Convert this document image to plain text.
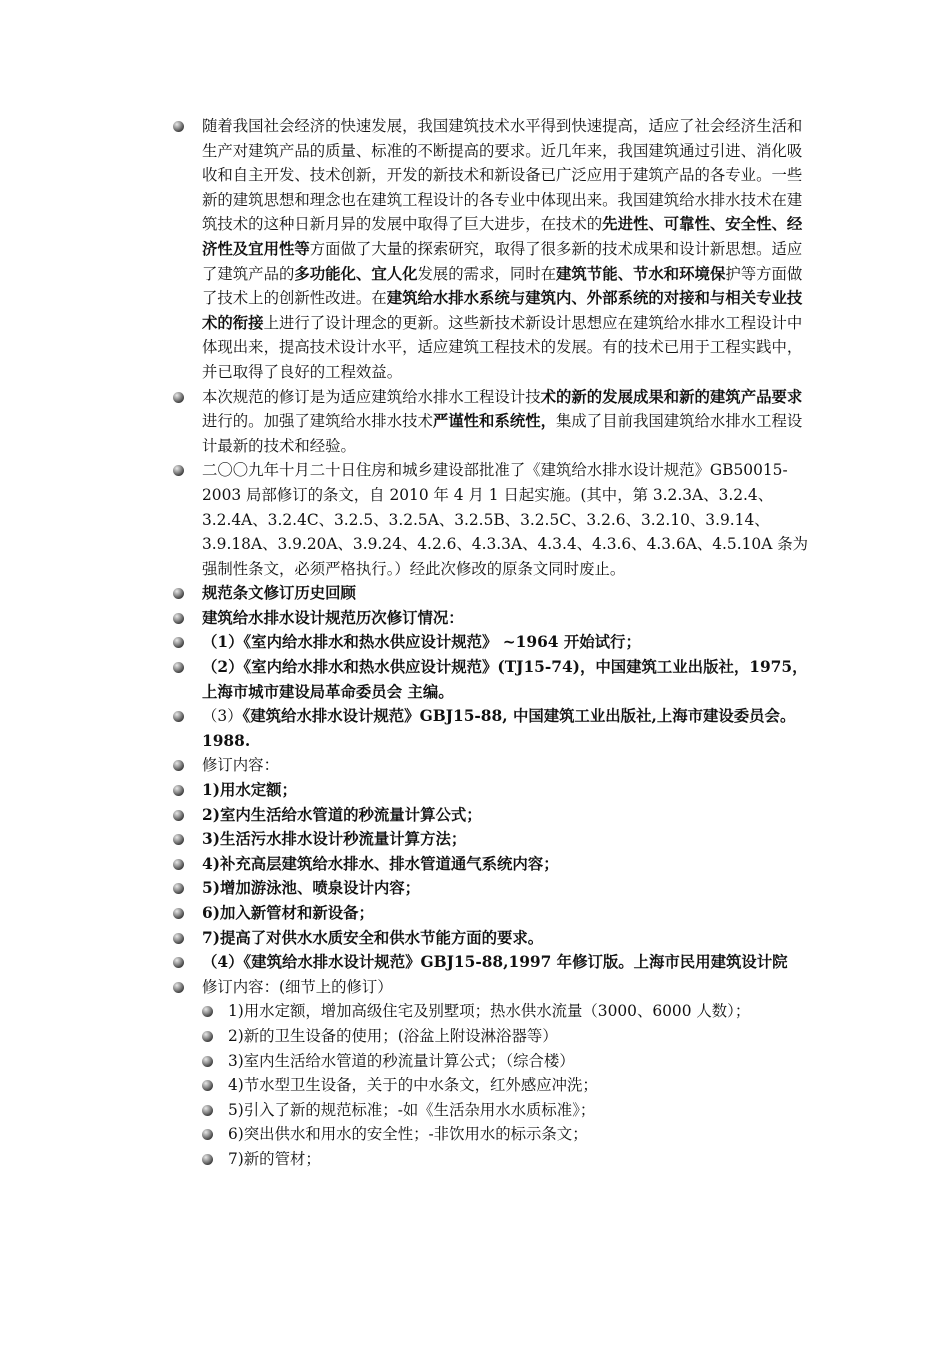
随着我国社会经济的快速发展，我国建筑技术水平得到快速提高，适应了社会经济生活和生产对建筑产品的质量、标准的不断提高的要求。近几年来，我国建筑通过引进、消化吸收和自主开发、技术创新，开发的新技术和新设备已广泛应用于建筑产品的各专业。一些新的建筑思想和理念也在建筑工程设计的各专业中体现出来。我国建筑给水排水技术在建筑技术的这种日新月异的发展中取得了巨大进步，在技术的先进性、可靠性、安全性、经济性及宜用性等方面做了大量的探索研究，取得了很多新的技术成果和设计新思想。适应了建筑产品的多功能化、宜人化发展的需求，同时在建筑节能、节水和环境保护等方面做了技术上的创新性改进。在建筑给水排水系统与建筑内、外部系统的对接和与相关专业技术的衔接上进行了设计理念的更新。这些新技术新设计思想应在建筑给水排水工程设计中体现出来，提高技术设计水平，适应建筑工程技术的发展。有的技术已用于工程实践中，并已取得了良好的工程效益。
本次规范的修订是为适应建筑给水排水工程设计技术的新的发展成果和新的建筑产品要求进行的。加强了建筑给水排水技术严谨性和系统性，集成了目前我国建筑给水排水工程设计最新的技术和经验。
二〇〇九年十月二十日住房和城乡建设部批准了《建筑给水排水设计规范》GB50015-2003 局部修订的条文，自 2010 年 4 月 1 日起实施。(其中，第 3.2.3A、3.2.4、3.2.4A、3.2.4C、3.2.5、3.2.5A、3.2.5B、3.2.5C、3.2.6、3.2.10、3.9.14、3.9.18A、3.9.20A、3.9.24、4.2.6、4.3.3A、4.3.4、4.3.6、4.3.6A、4.5.10A 条为强制性条文，必须严格执行。）经此次修改的原条文同时废止。
规范条文修订历史回顾
建筑给水排水设计规范历次修订情况：
（1）《室内给水排水和热水供应设计规范》 ~1964 开始试行；
（2）《室内给水排水和热水供应设计规范》(TJ15-74)，中国建筑工业出版社，1975，上海市城市建设局革命委员会 主编。
（3）《建筑给水排水设计规范》GBJ15-88, 中国建筑工业出版社,上海市建设委员会。1988.
修订内容：
1)用水定额；
2)室内生活给水管道的秒流量计算公式；
3)生活污水排水设计秒流量计算方法；
4)补充高层建筑给水排水、排水管道通气系统内容；
5)增加游泳池、喷泉设计内容；
6)加入新管材和新设备；
7)提高了对供水水质安全和供水节能方面的要求。
（4）《建筑给水排水设计规范》GBJ15-88,1997 年修订版。上海市民用建筑设计院
修订内容：(细节上的修订）
1)用水定额，增加高级住宅及别墅项；热水供水流量（3000、6000 人数）；
2)新的卫生设备的使用；(浴盆上附设淋浴器等）
3)室内生活给水管道的秒流量计算公式；（综合楼）
4)节水型卫生设备，关于的中水条文，红外感应冲洗；
5)引入了新的规范标准；-如《生活杂用水水质标准》；
6)突出供水和用水的安全性；-非饮用水的标示条文；
7)新的管材；
